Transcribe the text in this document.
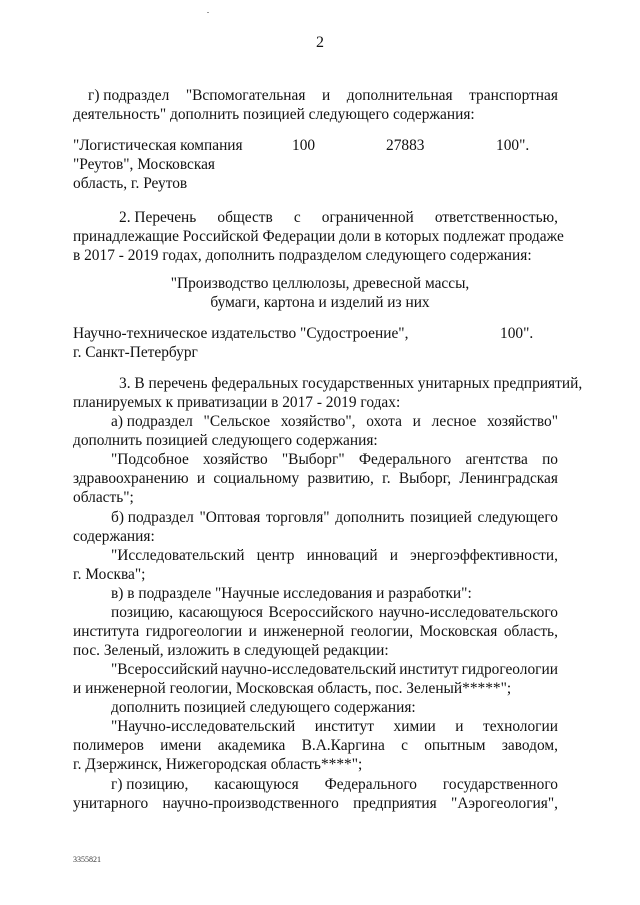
2
г) подраздел "Вспомогательная и дополнительная транспортная
деятельность" дополнить позицией следующего содержания:
"Логистическая компания
"Реутов", Московская
область, г. Реутов
100	27883	100".
2. Перечень обществ с ограниченной ответственностью,
принадлежащие Российской Федерации доли в которых подлежат продаже
в 2017 - 2019 годах, дополнить подразделом следующего содержания:
"Производство целлюлозы, древесной массы,
бумаги, картона и изделий из них
Научно-техническое издательство "Судостроение",
г. Санкт-Петербург
100".
3. В перечень федеральных государственных унитарных предприятий,
планируемых к приватизации в 2017 - 2019 годах:
а) подраздел "Сельское хозяйство", охота и лесное хозяйство"
дополнить позицией следующего содержания:
"Подсобное хозяйство "Выборг" Федерального агентства по
здравоохранению и социальному развитию, г. Выборг, Ленинградская
область";
б) подраздел "Оптовая торговля" дополнить позицией следующего
содержания:
"Исследовательский центр инноваций и энергоэффективности,
г. Москва";
в) в подразделе "Научные исследования и разработки":
позицию, касающуюся Всероссийского научно-исследовательского
института гидрогеологии и инженерной геологии, Московская область,
пос. Зеленый, изложить в следующей редакции:
"Всероссийский научно-исследовательский институт гидрогеологии
и инженерной геологии, Московская область, пос. Зеленый*****";
дополнить позицией следующего содержания:
"Научно-исследовательский институт химии и технологии
полимеров имени академика В.А.Каргина с опытным заводом,
г. Дзержинск, Нижегородская область****";
г) позицию, касающуюся Федерального государственного
унитарного научно-производственного предприятия "Аэрогеология",
3355821
